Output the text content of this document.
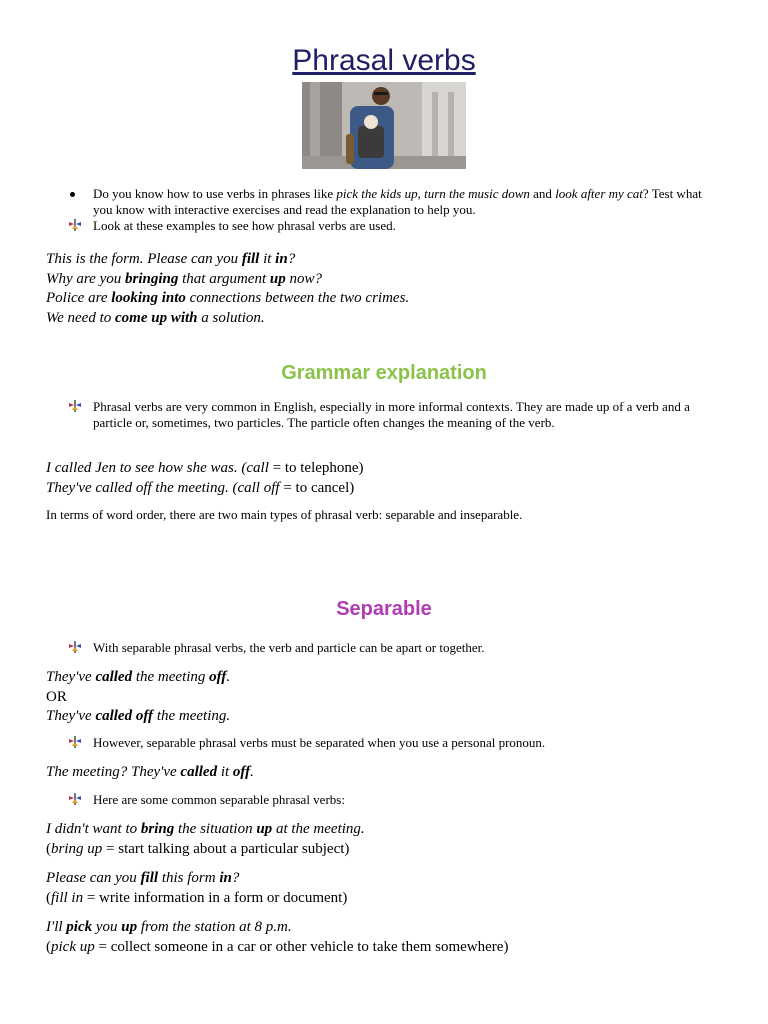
Phrasal verbs
Do you know how to use verbs in phrases like pick the kids up, turn the music down and look after my cat? Test what you know with interactive exercises and read the explanation to help you.
Look at these examples to see how phrasal verbs are used.
This is the form. Please can you fill it in?
Why are you bringing that argument up now?
Police are looking into connections between the two crimes.
We need to come up with a solution.
Grammar explanation
Phrasal verbs are very common in English, especially in more informal contexts. They are made up of a verb and a particle or, sometimes, two particles. The particle often changes the meaning of the verb.
I called Jen to see how she was. (call = to telephone)
They've called off the meeting. (call off = to cancel)
In terms of word order, there are two main types of phrasal verb: separable and inseparable.
Separable
With separable phrasal verbs, the verb and particle can be apart or together.
They've called the meeting off.
OR
They've called off the meeting.
However, separable phrasal verbs must be separated when you use a personal pronoun.
The meeting? They've called it off.
Here are some common separable phrasal verbs:
I didn't want to bring the situation up at the meeting.
(bring up = start talking about a particular subject)
Please can you fill this form in?
(fill in = write information in a form or document)
I'll pick you up from the station at 8 p.m.
(pick up = collect someone in a car or other vehicle to take them somewhere)
